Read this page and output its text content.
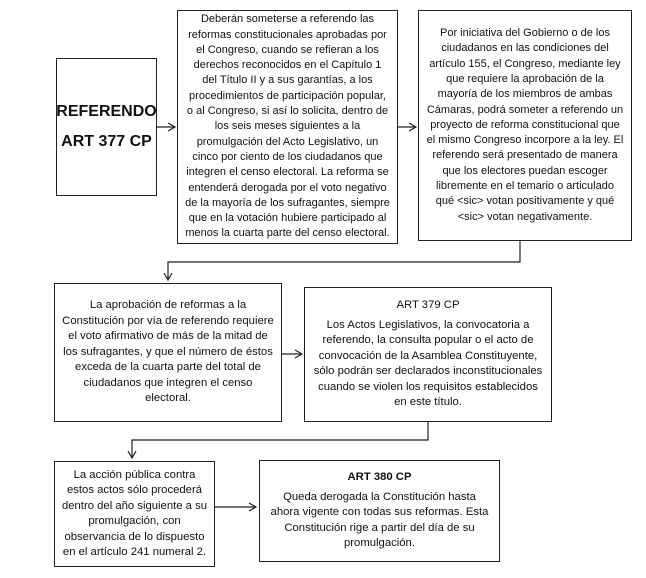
REFERENDO

ART 377 CP

Deberán someterse a referendo las reformas constitucionales aprobadas por el Congreso, cuando se refieran a los derechos reconocidos en el Capítulo 1 del Título II y a sus garantías, a los procedimientos de participación popular, o al Congreso, si así lo solicita, dentro de los seis meses siguientes a la promulgación del Acto Legislativo, un cinco por ciento de los ciudadanos que integren el censo electoral. La reforma se entenderá derogada por el voto negativo de la mayoría de los sufragantes, siempre que en la votación hubiere participado al menos la cuarta parte del censo electoral.

Por iniciativa del Gobierno o de los ciudadanos en las condiciones del artículo 155, el Congreso, mediante ley que requiere la aprobación de la mayoría de los miembros de ambas Cámaras, podrá someter a referendo un proyecto de reforma constitucional que el mismo Congreso incorpore a la ley. El referendo será presentado de manera que los electores puedan escoger libremente en el temario o articulado qué <sic> votan positivamente y qué <sic> votan negativamente.

La aprobación de reformas a la Constitución por vía de referendo requiere el voto afirmativo de más de la mitad de los sufragantes, y que el número de éstos exceda de la cuarta parte del total de ciudadanos que integren el censo electoral.

ART 379 CP

Los Actos Legislativos, la convocatoria a referendo, la consulta popular o el acto de convocación de la Asamblea Constituyente, sólo podrán ser declarados inconstitucionales cuando se violen los requisitos establecidos en este título.

La acción pública contra estos actos sólo procederá dentro del año siguiente a su promulgación, con observancia de lo dispuesto en el artículo 241 numeral 2.

ART 380 CP

Queda derogada la Constitución hasta ahora vigente con todas sus reformas. Esta Constitución rige a partir del día de su promulgación.
